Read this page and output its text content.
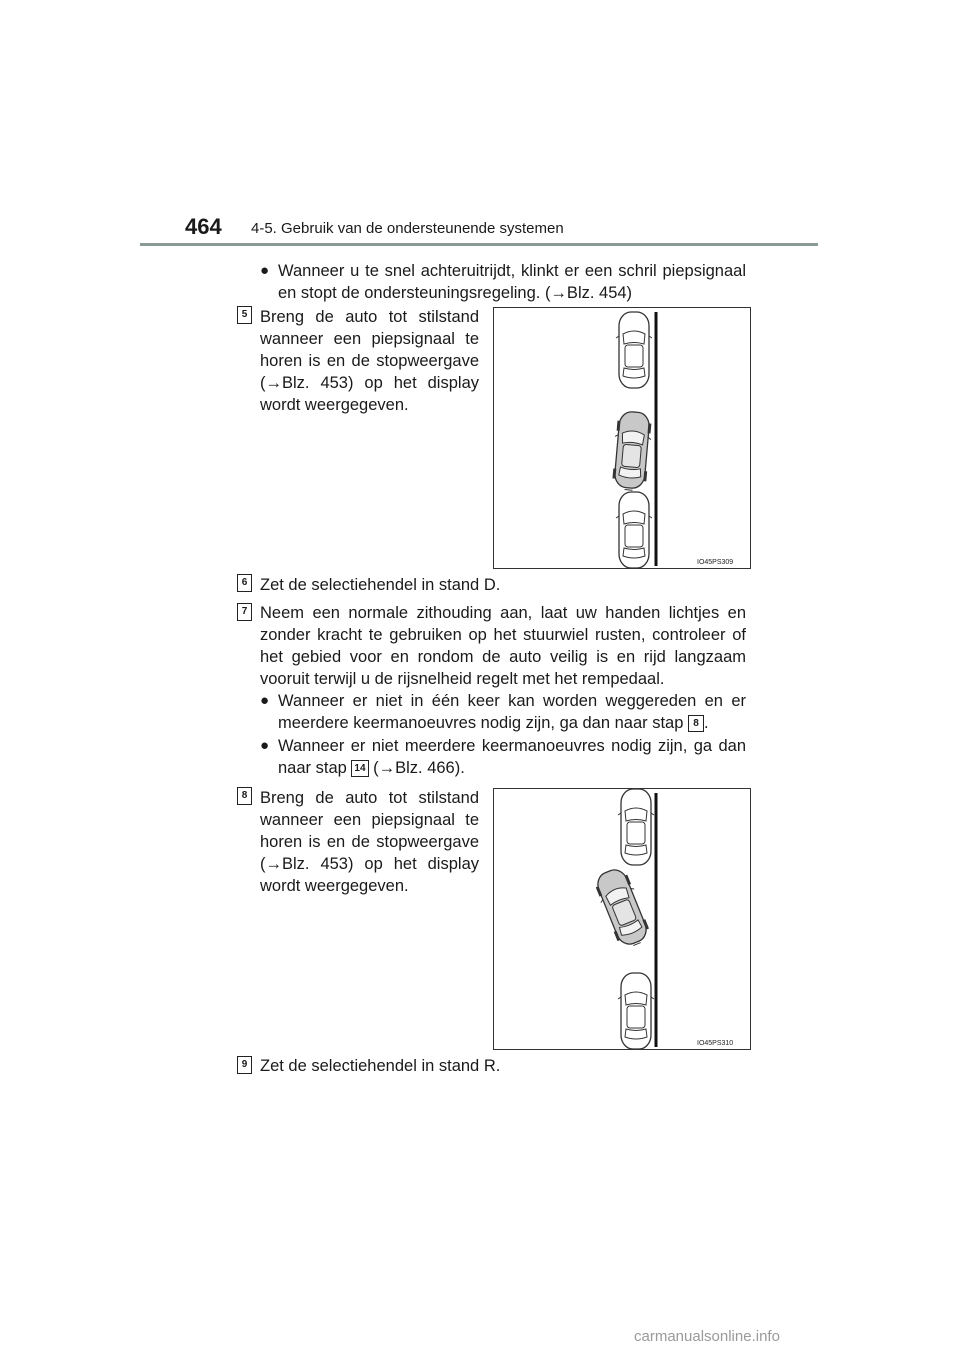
464 4-5. Gebruik van de ondersteunende systemen
● Wanneer u te snel achteruitrijdt, klinkt er een schril piepsignaal en stopt de ondersteuningsregeling. (→Blz. 454)
5 Breng de auto tot stilstand wanneer een piepsignaal te horen is en de stopweergave (→Blz. 453) op het display wordt weergegeven.
IO45PS309
6 Zet de selectiehendel in stand D.
7 Neem een normale zithouding aan, laat uw handen lichtjes en zonder kracht te gebruiken op het stuurwiel rusten, controleer of het gebied voor en rondom de auto veilig is en rijd langzaam vooruit terwijl u de rijsnelheid regelt met het rempedaal.
● Wanneer er niet in één keer kan worden weggereden en er meerdere keermanoeuvres nodig zijn, ga dan naar stap 8 .
● Wanneer er niet meerdere keermanoeuvres nodig zijn, ga dan naar stap 14 (→Blz. 466).
8 Breng de auto tot stilstand wanneer een piepsignaal te horen is en de stopweergave (→Blz. 453) op het display wordt weergegeven.
IO45PS310
9 Zet de selectiehendel in stand R.
carmanualsonline.info
